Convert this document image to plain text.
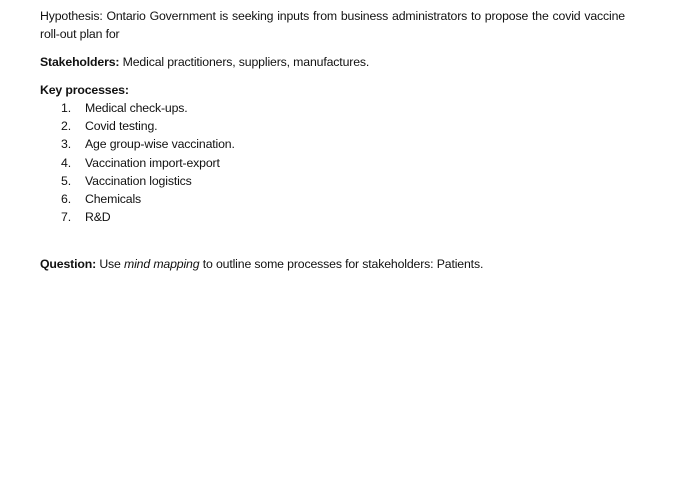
Hypothesis: Ontario Government is seeking inputs from business administrators to propose the covid vaccine roll-out plan for

Stakeholders: Medical practitioners, suppliers, manufactures.

Key processes:

1. Medical check-ups.
2. Covid testing.
3. Age group-wise vaccination.
4. Vaccination import-export
5. Vaccination logistics
6. Chemicals
7. R&D

Question: Use mind mapping to outline some processes for stakeholders: Patients.
